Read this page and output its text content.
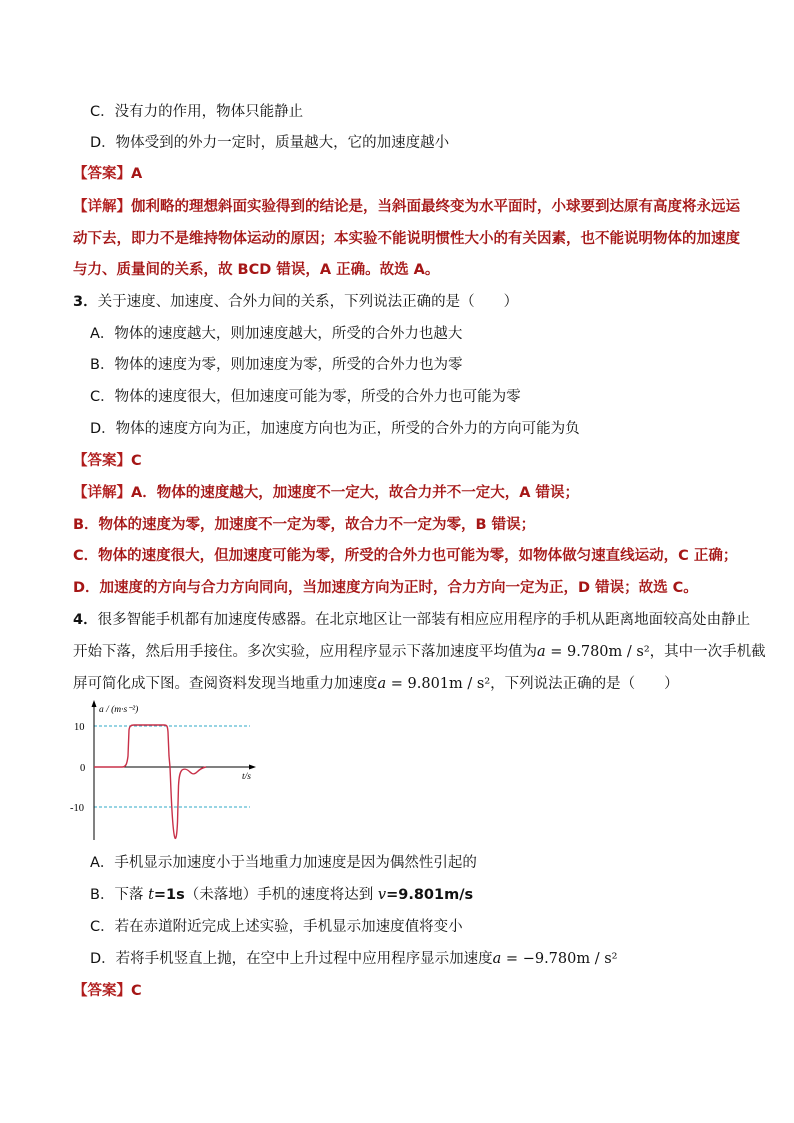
C．没有力的作用，物体只能静止
D．物体受到的外力一定时，质量越大，它的加速度越小
【答案】A
【详解】伽利略的理想斜面实验得到的结论是，当斜面最终变为水平面时，小球要到达原有高度将永远运
动下去，即力不是维持物体运动的原因；本实验不能说明惯性大小的有关因素，也不能说明物体的加速度
与力、质量间的关系，故 BCD 错误，A 正确。故选 A。
3．关于速度、加速度、合外力间的关系，下列说法正确的是（　　）
A．物体的速度越大，则加速度越大，所受的合外力也越大
B．物体的速度为零，则加速度为零，所受的合外力也为零
C．物体的速度很大，但加速度可能为零，所受的合外力也可能为零
D．物体的速度方向为正，加速度方向也为正，所受的合外力的方向可能为负
【答案】C
【详解】A．物体的速度越大，加速度不一定大，故合力并不一定大，A 错误；
B．物体的速度为零，加速度不一定为零，故合力不一定为零，B 错误；
C．物体的速度很大，但加速度可能为零，所受的合外力也可能为零，如物体做匀速直线运动，C 正确；
D．加速度的方向与合力方向同向，当加速度方向为正时，合力方向一定为正，D 错误；故选 C。
4．很多智能手机都有加速度传感器。在北京地区让一部装有相应应用程序的手机从距离地面较高处由静止
开始下落，然后用手接住。多次实验，应用程序显示下落加速度平均值为a = 9.780m / s²，其中一次手机截
屏可简化成下图。查阅资料发现当地重力加速度a = 9.801m / s²，下列说法正确的是（　　）
10
0
-10
a / (m·s⁻²)
t/s
A．手机显示加速度小于当地重力加速度是因为偶然性引起的
B．下落 t=1s（未落地）手机的速度将达到 v=9.801m/s
C．若在赤道附近完成上述实验，手机显示加速度值将变小
D．若将手机竖直上抛，在空中上升过程中应用程序显示加速度a = −9.780m / s²
【答案】C
